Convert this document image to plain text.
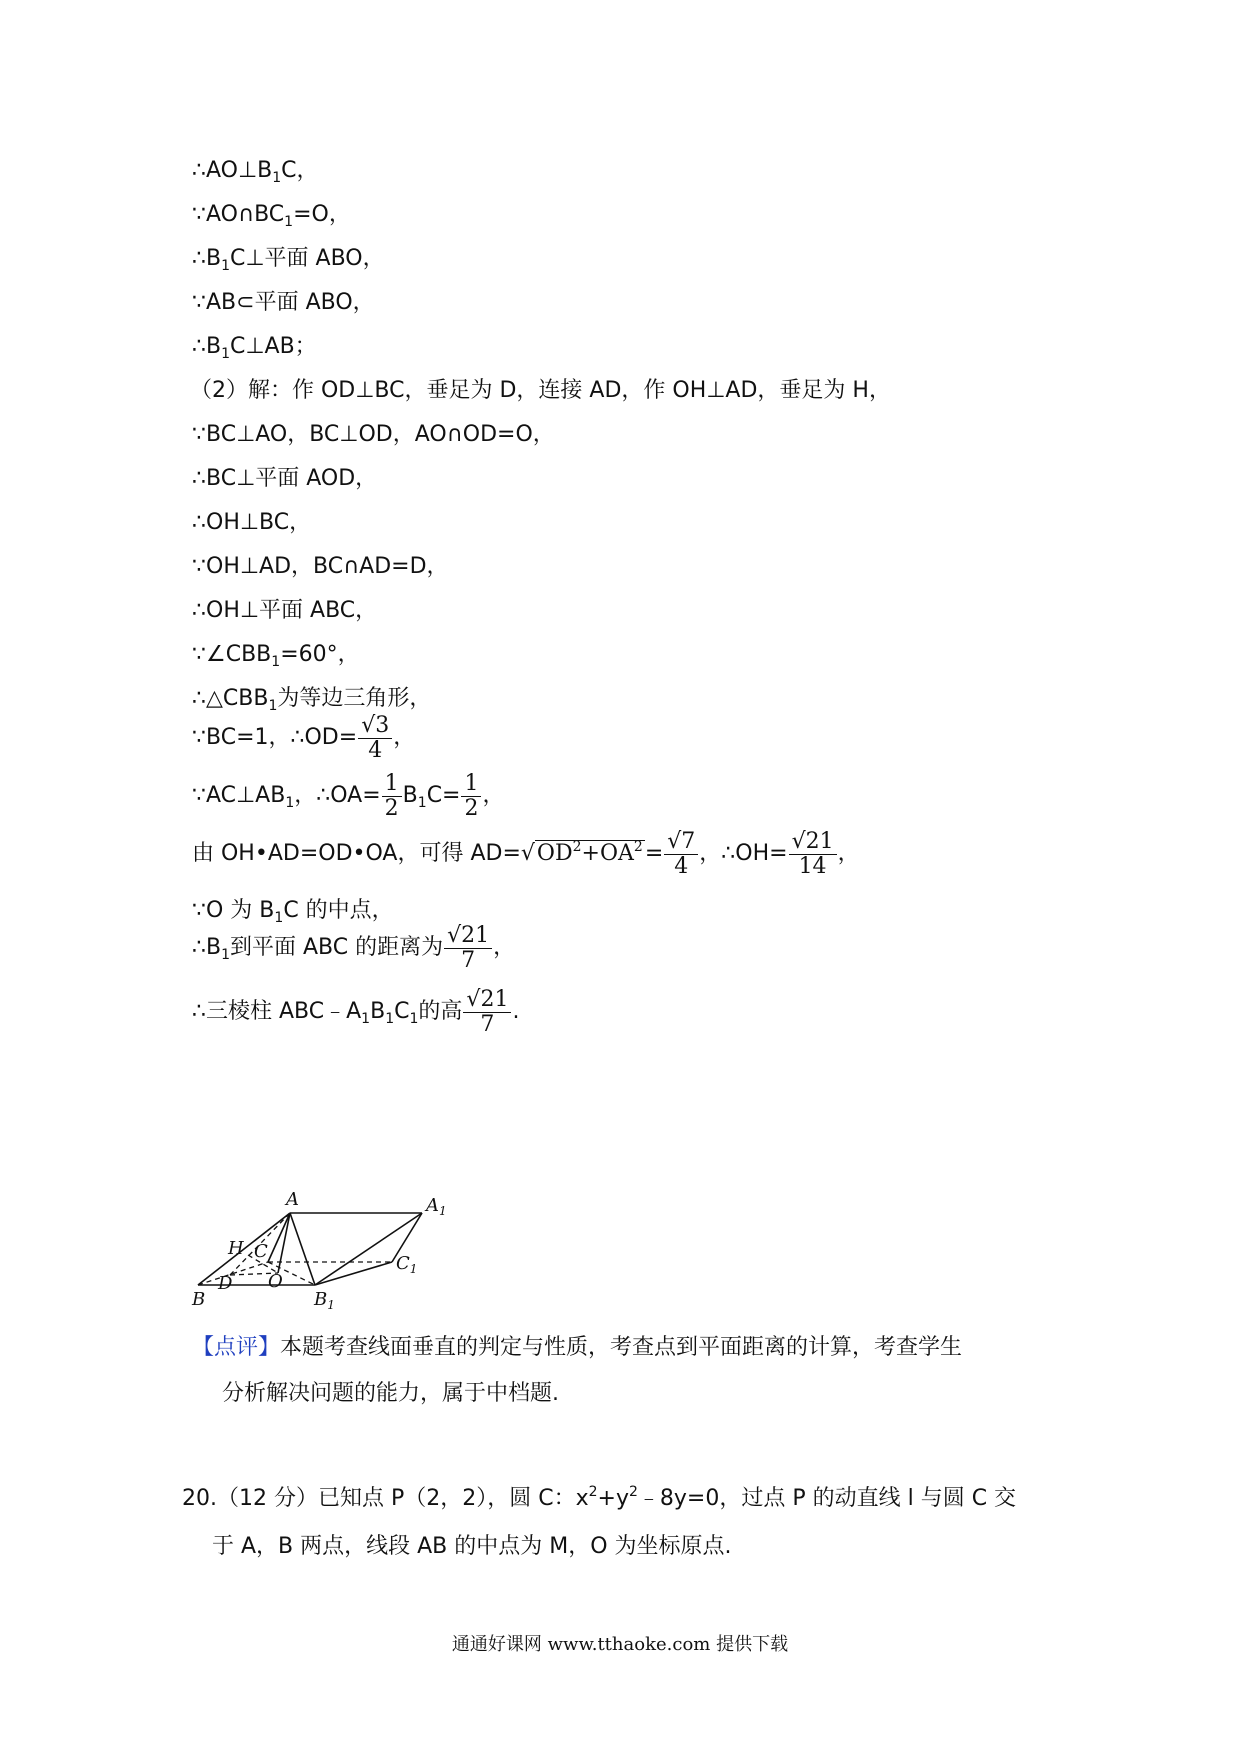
$\therefore AO\perp B_1C$，
$\because AO\cap BC_1=O$，
$\therefore B_1C\perp$平面 ABO，
∵AB⊂平面 ABO，
$\therefore B_1C\perp AB$；
（2）解：作 OD⊥BC，垂足为 D，连接 AD，作 OH⊥AD，垂足为 H，
∵BC⊥AO，BC⊥OD，AO∩OD=O，
∴BC⊥平面 AOD，
∴OH⊥BC，
∵OH⊥AD，BC∩AD=D，
∴OH⊥平面 ABC，
$\because\angle CBB_1=60^\circ$，
$\therefore\triangle CBB_1$为等边三角形，
∵BC=1，∴OD= $\frac{√3}{4}$ ，
$\because AC\perp AB_1$，∴OA= $\frac{1}{2} B_1C= \frac{1}{2}$ ，
由 OH•AD=OD•OA，可得 $AD=√OD^2+OA^2= \frac{√7}{4}$ ，∴OH= $\frac{√21}{14}$ ，
∵O 为 $B_1C$ 的中点，
$\therefore B_1$到平面 ABC 的距离为 $\frac{√21}{7}$ ，
∴三棱柱 $ABC﹣A_1B_1C_1$的高 $\frac{√21}{7}$ .
A	$A_1$
H C
$C_1$
D O
B	$B_1$
【点评】本题考查线面垂直的判定与性质，考查点到平面距离的计算，考查学生
分析解决问题的能力，属于中档题.
20.（12 分）已知点 P（2，2），圆 C：$x^2+y^2﹣8y=0$，过点 P 的动直线 l 与圆 C 交
于 A，B 两点，线段 AB 的中点为 M，O 为坐标原点.
通通好课网 www.tthaoke.com 提供下载
